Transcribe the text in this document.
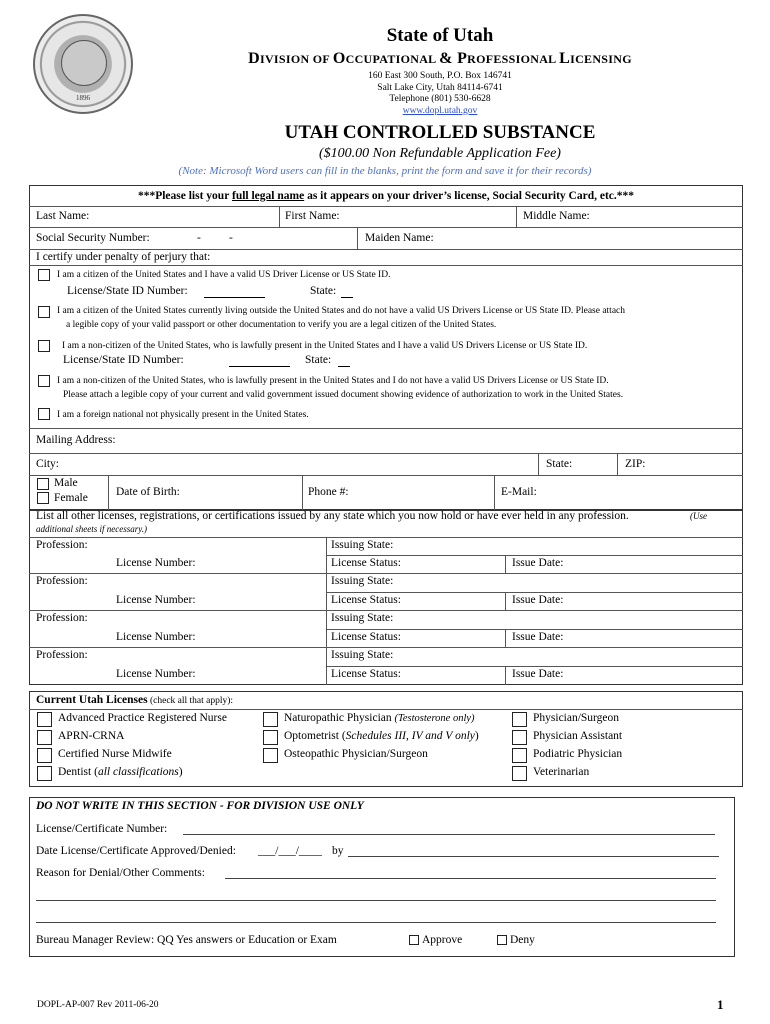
1896
State of Utah
DIVISION OF OCCUPATIONAL & PROFESSIONAL LICENSING
160 East 300 South, P.O. Box 146741
Salt Lake City, Utah 84114-6741
Telephone (801) 530-6628
www.dopl.utah.gov
UTAH CONTROLLED SUBSTANCE
($100.00 Non Refundable Application Fee)
(Note: Microsoft Word users can fill in the blanks, print the form and save it for their records)
***Please list your full legal name as it appears on your driver’s license, Social Security Card, etc.***
Last Name:	First Name:	Middle Name:
Social Security Number:	- -	Maiden Name:
I certify under penalty of perjury that:
I am a citizen of the United States and I have a valid US Driver License or US State ID.
License/State ID Number:	State:
I am a citizen of the United States currently living outside the United States and do not have a valid US Drivers License or US State ID. Please attach
a legible copy of your valid passport or other documentation to verify you are a legal citizen of the United States.
I am a non-citizen of the United States, who is lawfully present in the United States and I have a valid US Drivers License or US State ID.
License/State ID Number:	State:
I am a non-citizen of the United States, who is lawfully present in the United States and I do not have a valid US Drivers License or US State ID.
Please attach a legible copy of your current and valid government issued document showing evidence of authorization to work in the United States.
I am a foreign national not physically present in the United States.
Mailing Address:
City:	State:	ZIP:
Male
Female Date of Birth:	Phone #:	E-Mail:
List all other licenses, registrations, or certifications issued by any state which you now hold or have ever held in any profession.	(Use
additional sheets if necessary.)
Profession:	Issuing State:
License Number:	License Status:	Issue Date:
Profession:	Issuing State:
License Number:	License Status:	Issue Date:
Profession:	Issuing State:
License Number:	License Status:	Issue Date:
Profession:	Issuing State:
License Number:	License Status:	Issue Date:
Current Utah Licenses (check all that apply):
Advanced Practice Registered Nurse
APRN-CRNA
Certified Nurse Midwife
Dentist (all classifications)
Naturopathic Physician (Testosterone only)
Optometrist (Schedules III, IV and V only)
Osteopathic Physician/Surgeon
Physician/Surgeon
Physician Assistant
Podiatric Physician
Veterinarian
DO NOT WRITE IN THIS SECTION - FOR DIVISION USE ONLY
License/Certificate Number:
Date License/Certificate Approved/Denied: ___/___/____ by
Reason for Denial/Other Comments:
Bureau Manager Review: QQ Yes answers or Education or Exam	Approve	Deny
DOPL-AP-007 Rev 2011-06-20	1
